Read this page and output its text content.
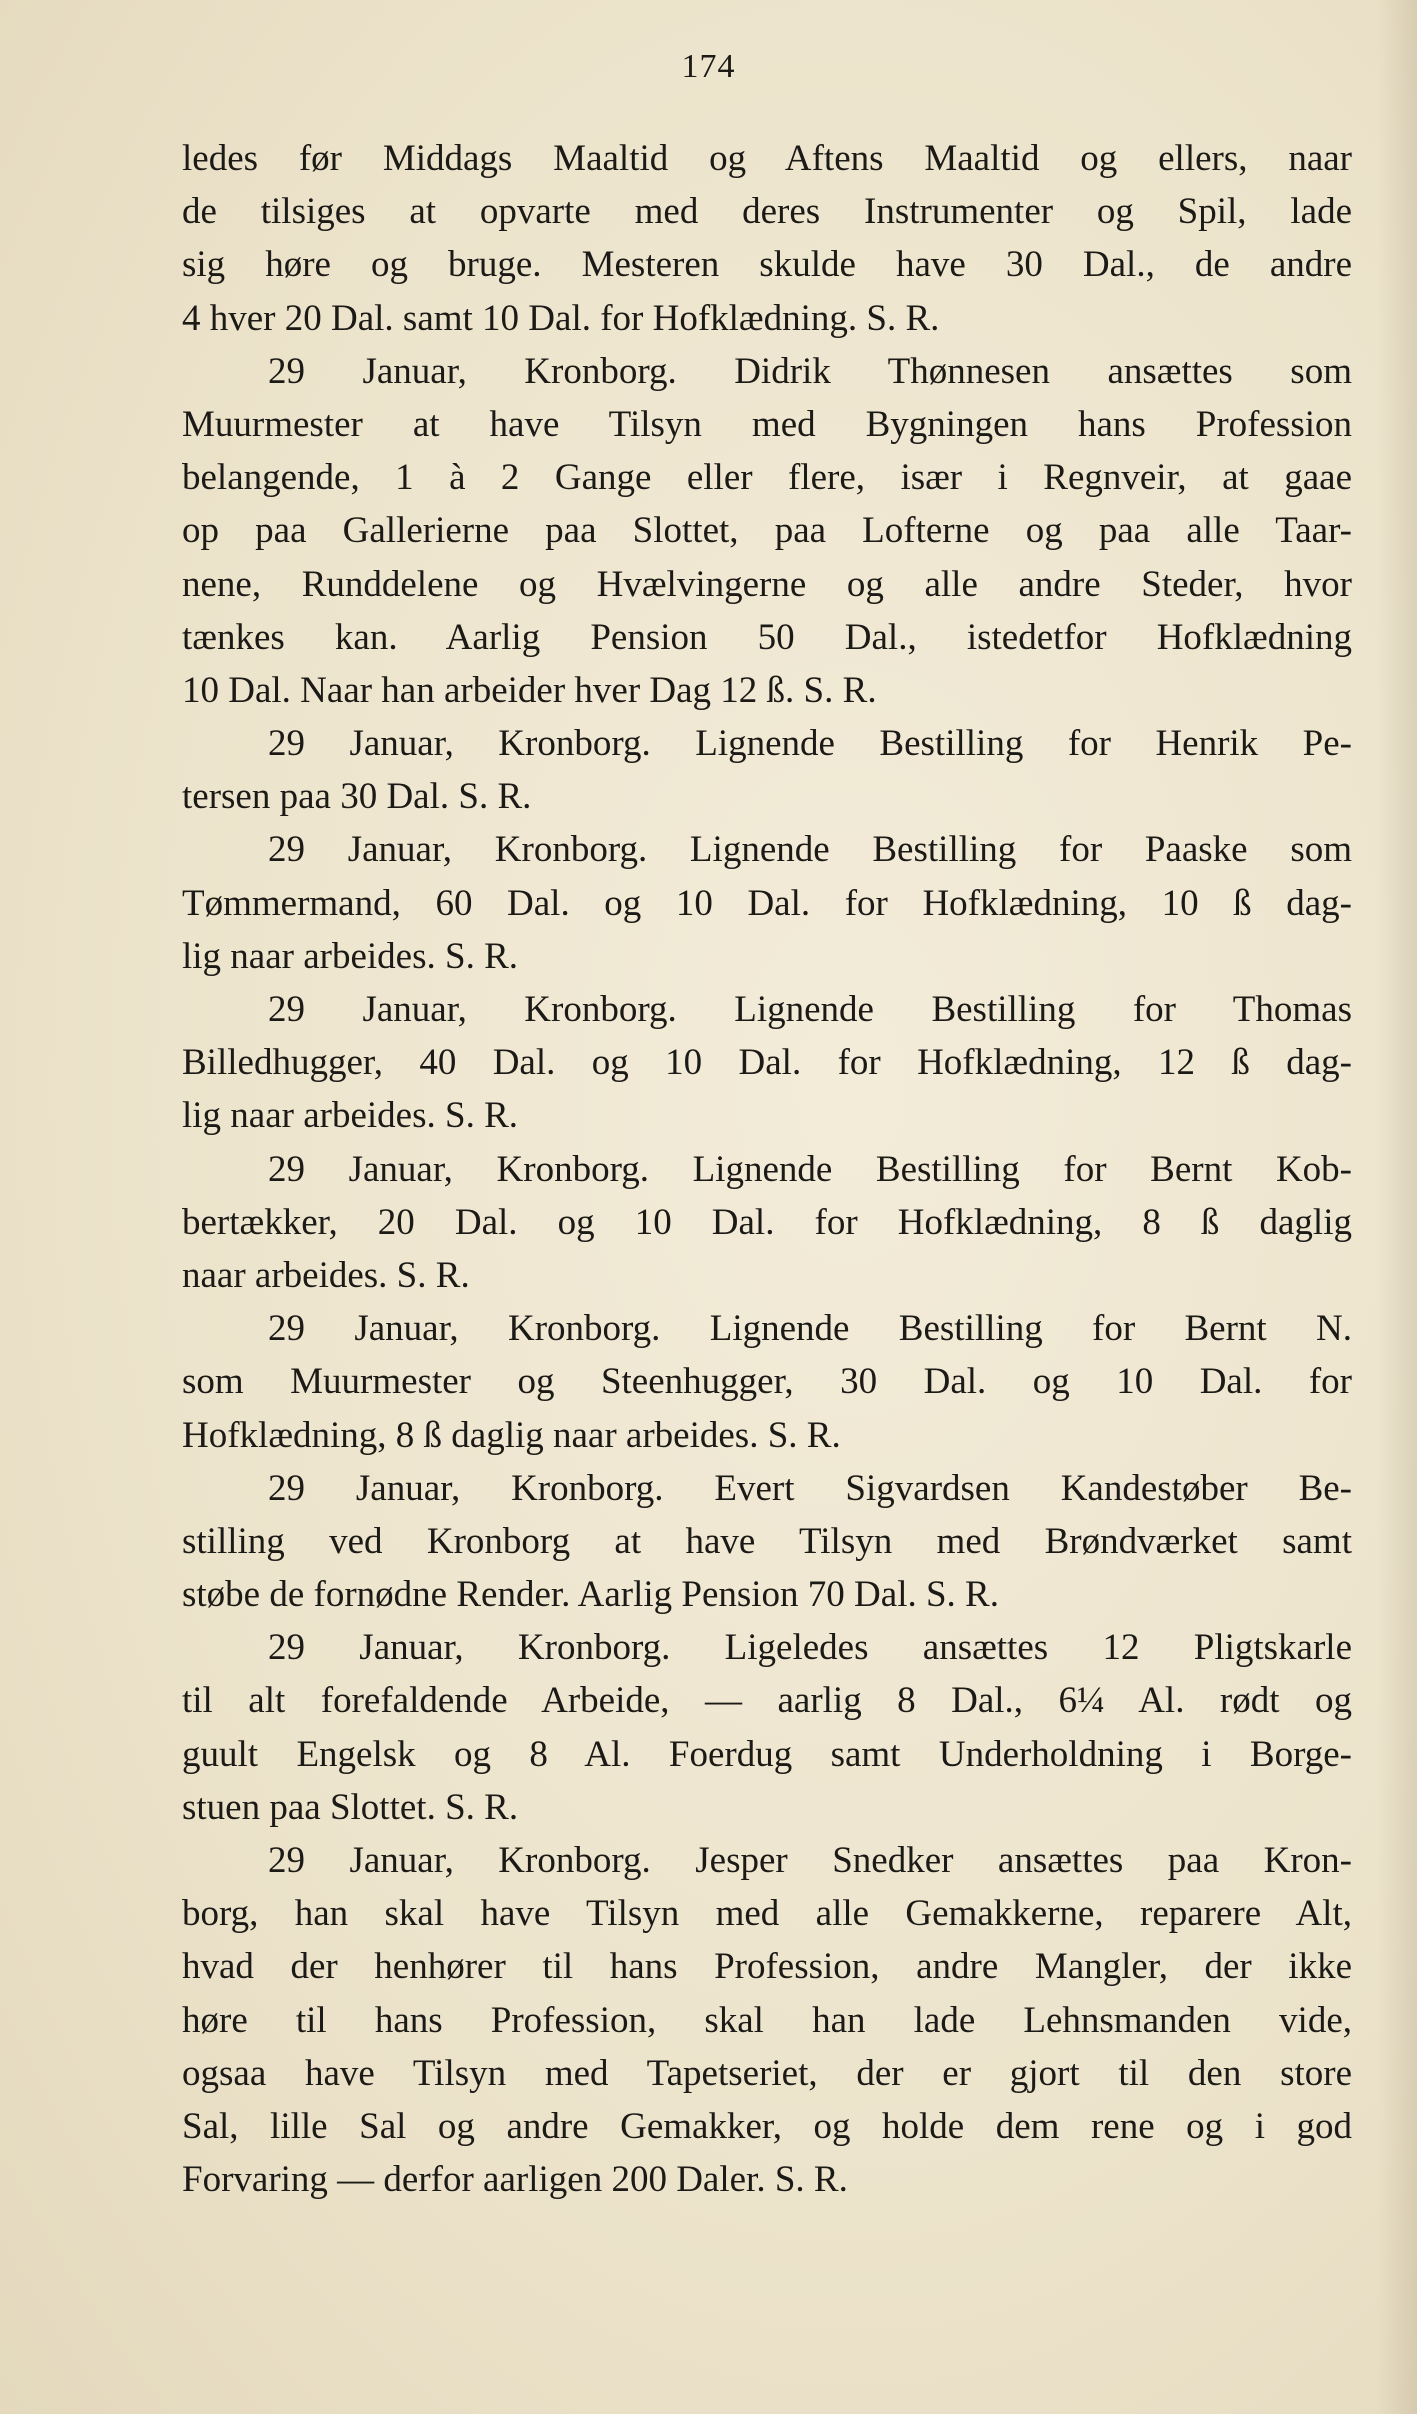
174
ledes før Middags Maaltid og Aftens Maaltid og ellers, naar
de tilsiges at opvarte med deres Instrumenter og Spil, lade
sig høre og bruge. Mesteren skulde have 30 Dal., de andre
4 hver 20 Dal. samt 10 Dal. for Hofklædning. S. R.
29 Januar, Kronborg. Didrik Thønnesen ansættes som
Muurmester at have Tilsyn med Bygningen hans Profession
belangende, 1 à 2 Gange eller flere, især i Regnveir, at gaae
op paa Gallerierne paa Slottet, paa Lofterne og paa alle Taar-
nene, Runddelene og Hvælvingerne og alle andre Steder, hvor
tænkes kan. Aarlig Pension 50 Dal., istedetfor Hofklædning
10 Dal. Naar han arbeider hver Dag 12 ß. S. R.
29 Januar, Kronborg. Lignende Bestilling for Henrik Pe-
tersen paa 30 Dal. S. R.
29 Januar, Kronborg. Lignende Bestilling for Paaske som
Tømmermand, 60 Dal. og 10 Dal. for Hofklædning, 10 ß dag-
lig naar arbeides. S. R.
29 Januar, Kronborg. Lignende Bestilling for Thomas
Billedhugger, 40 Dal. og 10 Dal. for Hofklædning, 12 ß dag-
lig naar arbeides. S. R.
29 Januar, Kronborg. Lignende Bestilling for Bernt Kob-
bertækker, 20 Dal. og 10 Dal. for Hofklædning, 8 ß daglig
naar arbeides. S. R.
29 Januar, Kronborg. Lignende Bestilling for Bernt N.
som Muurmester og Steenhugger, 30 Dal. og 10 Dal. for
Hofklædning, 8 ß daglig naar arbeides. S. R.
29 Januar, Kronborg. Evert Sigvardsen Kandestøber Be-
stilling ved Kronborg at have Tilsyn med Brøndværket samt
støbe de fornødne Render. Aarlig Pension 70 Dal. S. R.
29 Januar, Kronborg. Ligeledes ansættes 12 Pligtskarle
til alt forefaldende Arbeide, — aarlig 8 Dal., 6¼ Al. rødt og
guult Engelsk og 8 Al. Foerdug samt Underholdning i Borge-
stuen paa Slottet. S. R.
29 Januar, Kronborg. Jesper Snedker ansættes paa Kron-
borg, han skal have Tilsyn med alle Gemakkerne, reparere Alt,
hvad der henhører til hans Profession, andre Mangler, der ikke
høre til hans Profession, skal han lade Lehnsmanden vide,
ogsaa have Tilsyn med Tapetseriet, der er gjort til den store
Sal, lille Sal og andre Gemakker, og holde dem rene og i god
Forvaring — derfor aarligen 200 Daler. S. R.
